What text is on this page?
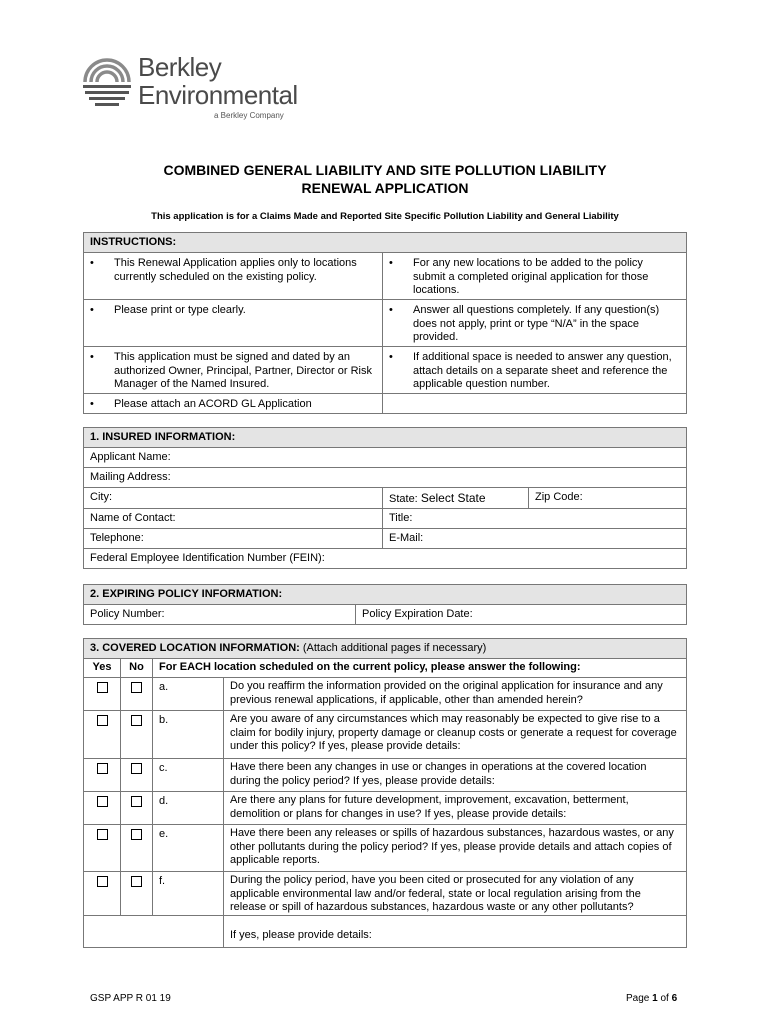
Berkley
Environmental
a Berkley Company
COMBINED GENERAL LIABILITY AND SITE POLLUTION LIABILITY
RENEWAL APPLICATION
This application is for a Claims Made and Reported Site Specific Pollution Liability and General Liability
INSTRUCTIONS:	

• This Renewal Application applies only to locations currently scheduled on the existing policy.	• For any new locations to be added to the policy submit a completed original application for those locations.

• Please print or type clearly.	• Answer all questions completely. If any question(s) does not apply, print or type “N/A” in the space provided.

• This application must be signed and dated by an authorized Owner, Principal, Partner, Director or Risk Manager of the Named Insured.	• If additional space is needed to answer any question, attach details on a separate sheet and reference the applicable question number.

• Please attach an ACORD GL Application	

1. INSURED INFORMATION:		
Applicant Name:		
Mailing Address:		
City:	State: Select State	Zip Code:
Name of Contact:	Title:	
Telephone:	E-Mail:	
Federal Employee Identification Number (FEIN):		
2. EXPIRING POLICY INFORMATION:
Policy Number:	Policy Expiration Date:
3. COVERED LOCATION INFORMATION: (Attach additional pages if necessary)			
Yes	No	For EACH location scheduled on the current policy, please answer the following:	
		a.	Do you reaffirm the information provided on the original application for insurance and any previous renewal applications, if applicable, other than amended herein?
		b.	Are you aware of any circumstances which may reasonably be expected to give rise to a claim for bodily injury, property damage or cleanup costs or generate a request for coverage under this policy? If yes, please provide details:
		c.	Have there been any changes in use or changes in operations at the covered location during the policy period? If yes, please provide details:
		d.	Are there any plans for future development, improvement, excavation, betterment, demolition or plans for changes in use? If yes, please provide details:
		e.	Have there been any releases or spills of hazardous substances, hazardous wastes, or any other pollutants during the policy period? If yes, please provide details and attach copies of applicable reports.
		f.	During the policy period, have you been cited or prosecuted for any violation of any applicable environmental law and/or federal, state or local regulation arising from the release or spill of hazardous substances, hazardous waste or any other pollutants?
			If yes, please provide details:
GSP APP R 01 19	Page 1 of 6
